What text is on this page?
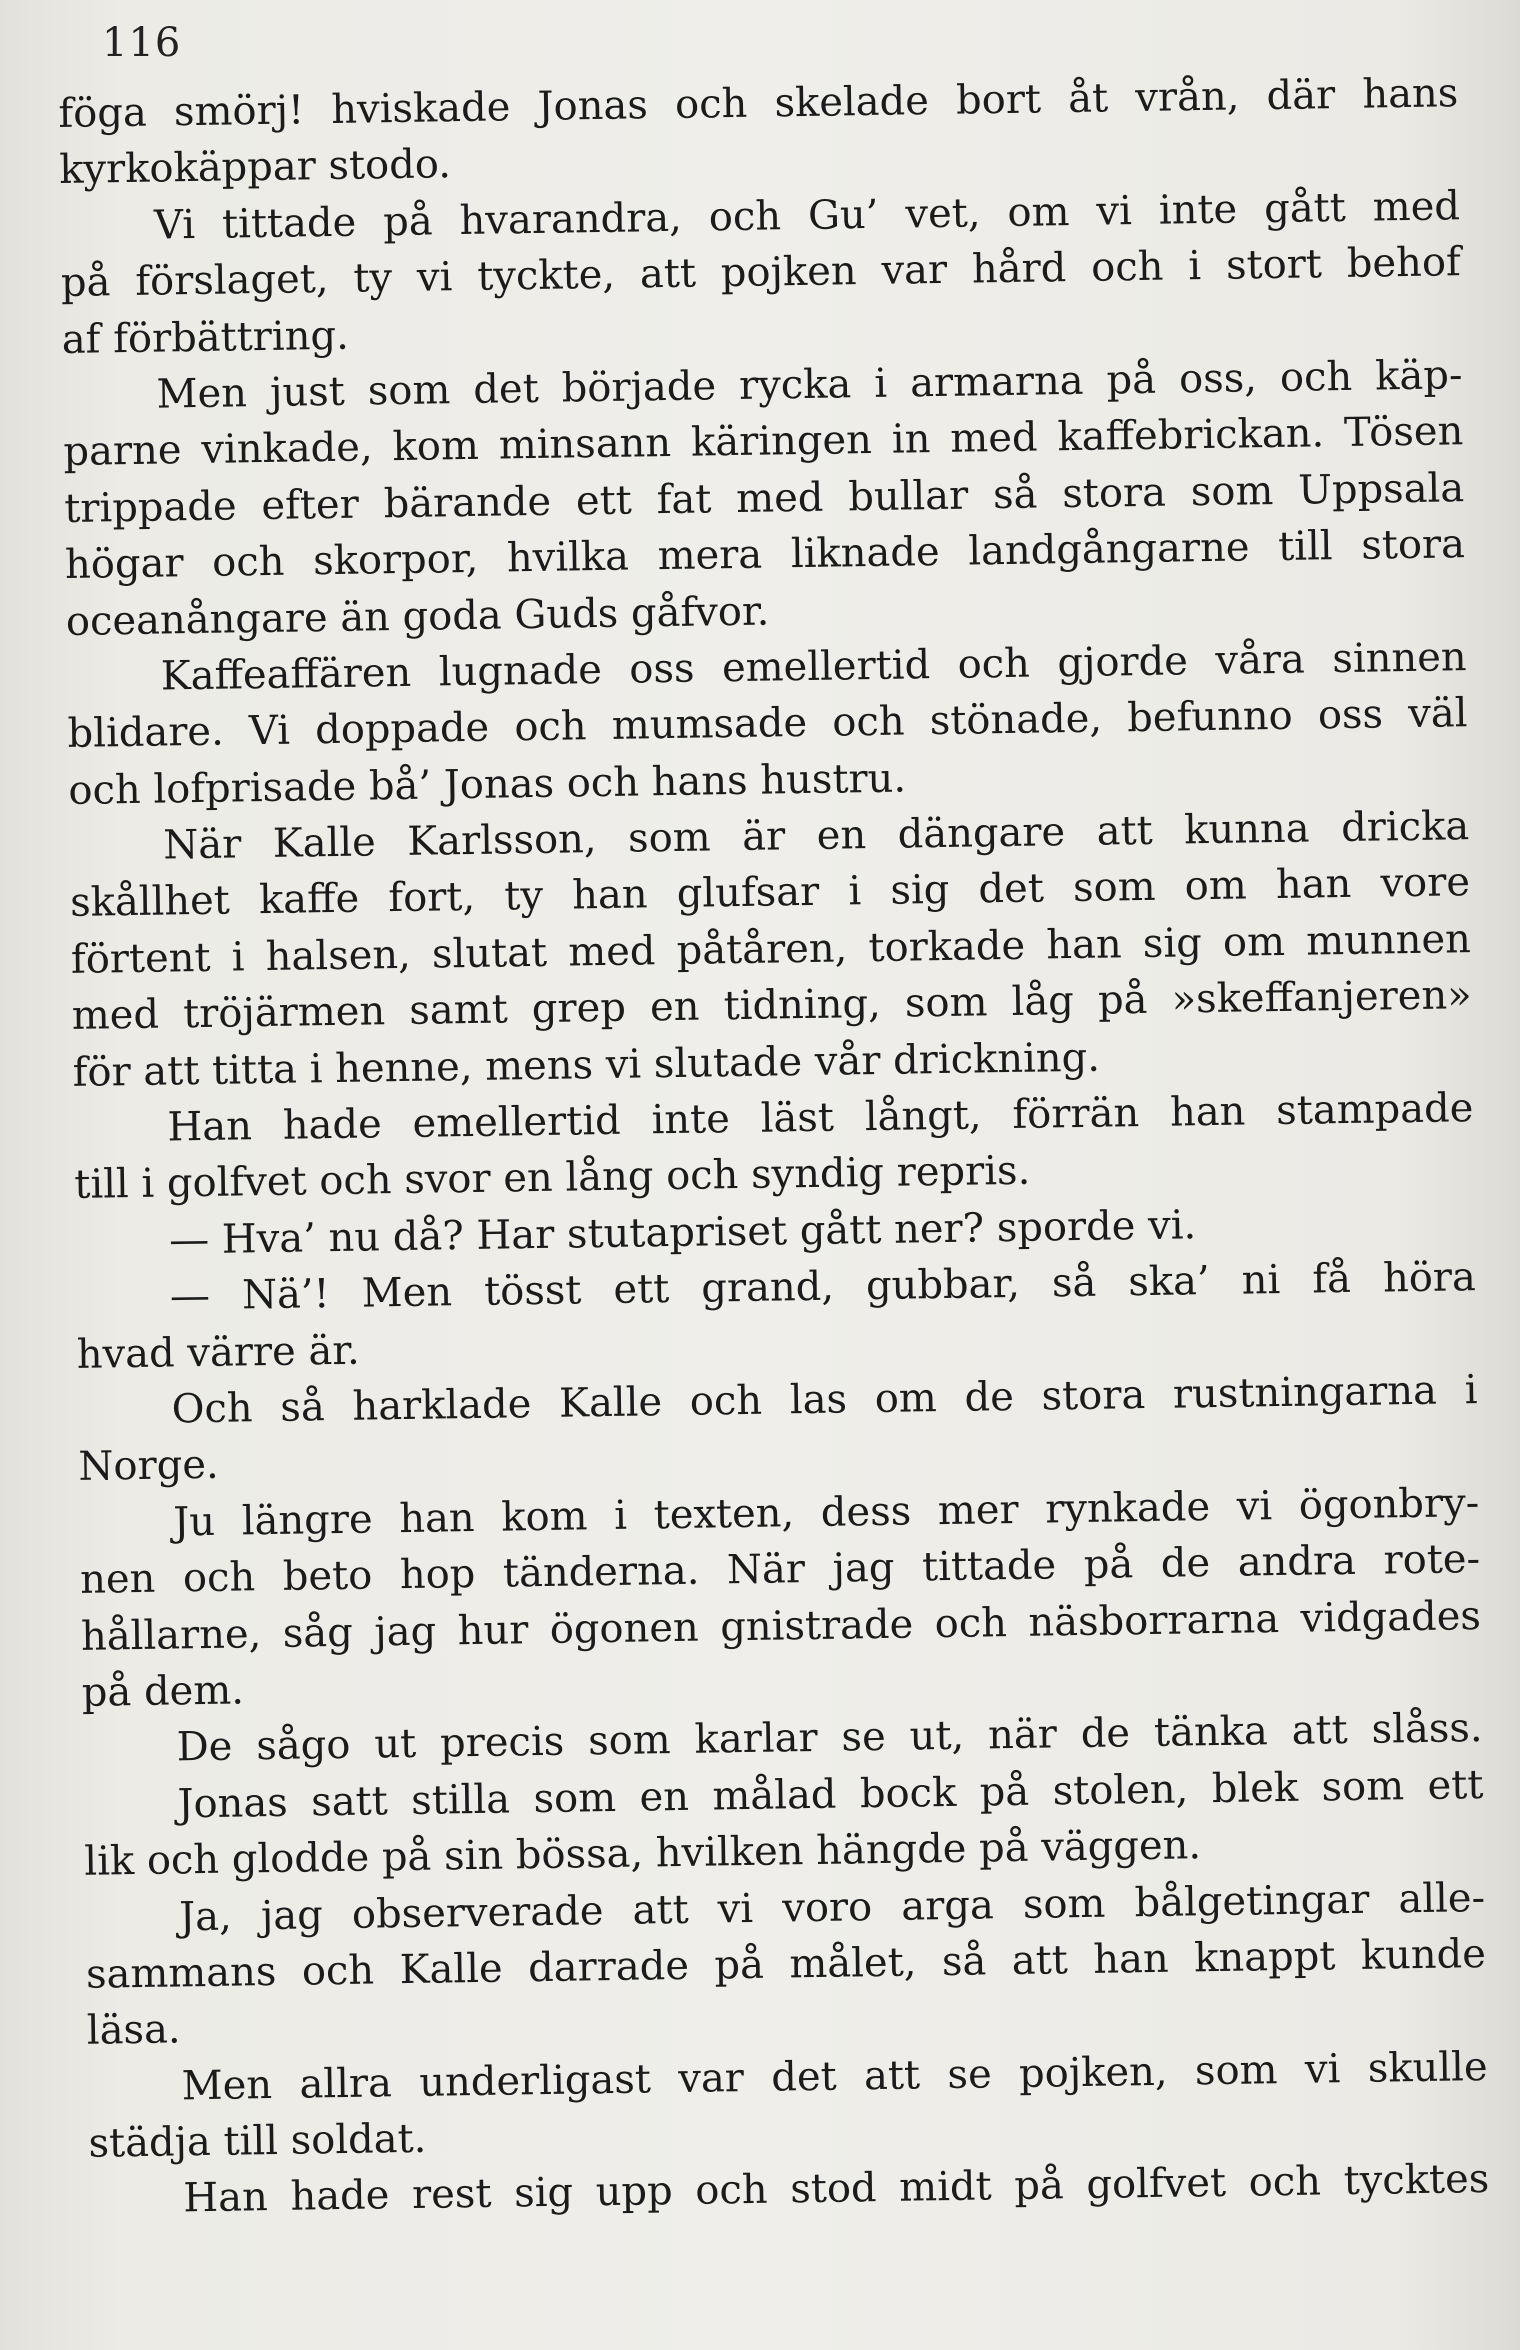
116
föga smörj! hviskade Jonas och skelade bort åt vrån, där hans
kyrkokäppar stodo.
Vi tittade på hvarandra, och Gu’ vet, om vi inte gått med
på förslaget, ty vi tyckte, att pojken var hård och i stort behof
af förbättring.
Men just som det började rycka i armarna på oss, och käp-
parne vinkade, kom minsann käringen in med kaffebrickan. Tösen
trippade efter bärande ett fat med bullar så stora som Uppsala
högar och skorpor, hvilka mera liknade landgångarne till stora
oceanångare än goda Guds gåfvor.
Kaffeaffären lugnade oss emellertid och gjorde våra sinnen
blidare. Vi doppade och mumsade och stönade, befunno oss väl
och lofprisade bå’ Jonas och hans hustru.
När Kalle Karlsson, som är en dängare att kunna dricka
skållhet kaffe fort, ty han glufsar i sig det som om han vore
förtent i halsen, slutat med påtåren, torkade han sig om munnen
med tröjärmen samt grep en tidning, som låg på »skeffanjeren»
för att titta i henne, mens vi slutade vår drickning.
Han hade emellertid inte läst långt, förrän han stampade
till i golfvet och svor en lång och syndig repris.
— Hva’ nu då? Har stutapriset gått ner? sporde vi.
— Nä’! Men tösst ett grand, gubbar, så ska’ ni få höra
hvad värre är.
Och så harklade Kalle och las om de stora rustningarna i
Norge.
Ju längre han kom i texten, dess mer rynkade vi ögonbry-
nen och beto hop tänderna. När jag tittade på de andra rote-
hållarne, såg jag hur ögonen gnistrade och näsborrarna vidgades
på dem.
De sågo ut precis som karlar se ut, när de tänka att slåss.
Jonas satt stilla som en målad bock på stolen, blek som ett
lik och glodde på sin bössa, hvilken hängde på väggen.
Ja, jag observerade att vi voro arga som bålgetingar alle-
sammans och Kalle darrade på målet, så att han knappt kunde
läsa.
Men allra underligast var det att se pojken, som vi skulle
städja till soldat.
Han hade rest sig upp och stod midt på golfvet och tycktes
